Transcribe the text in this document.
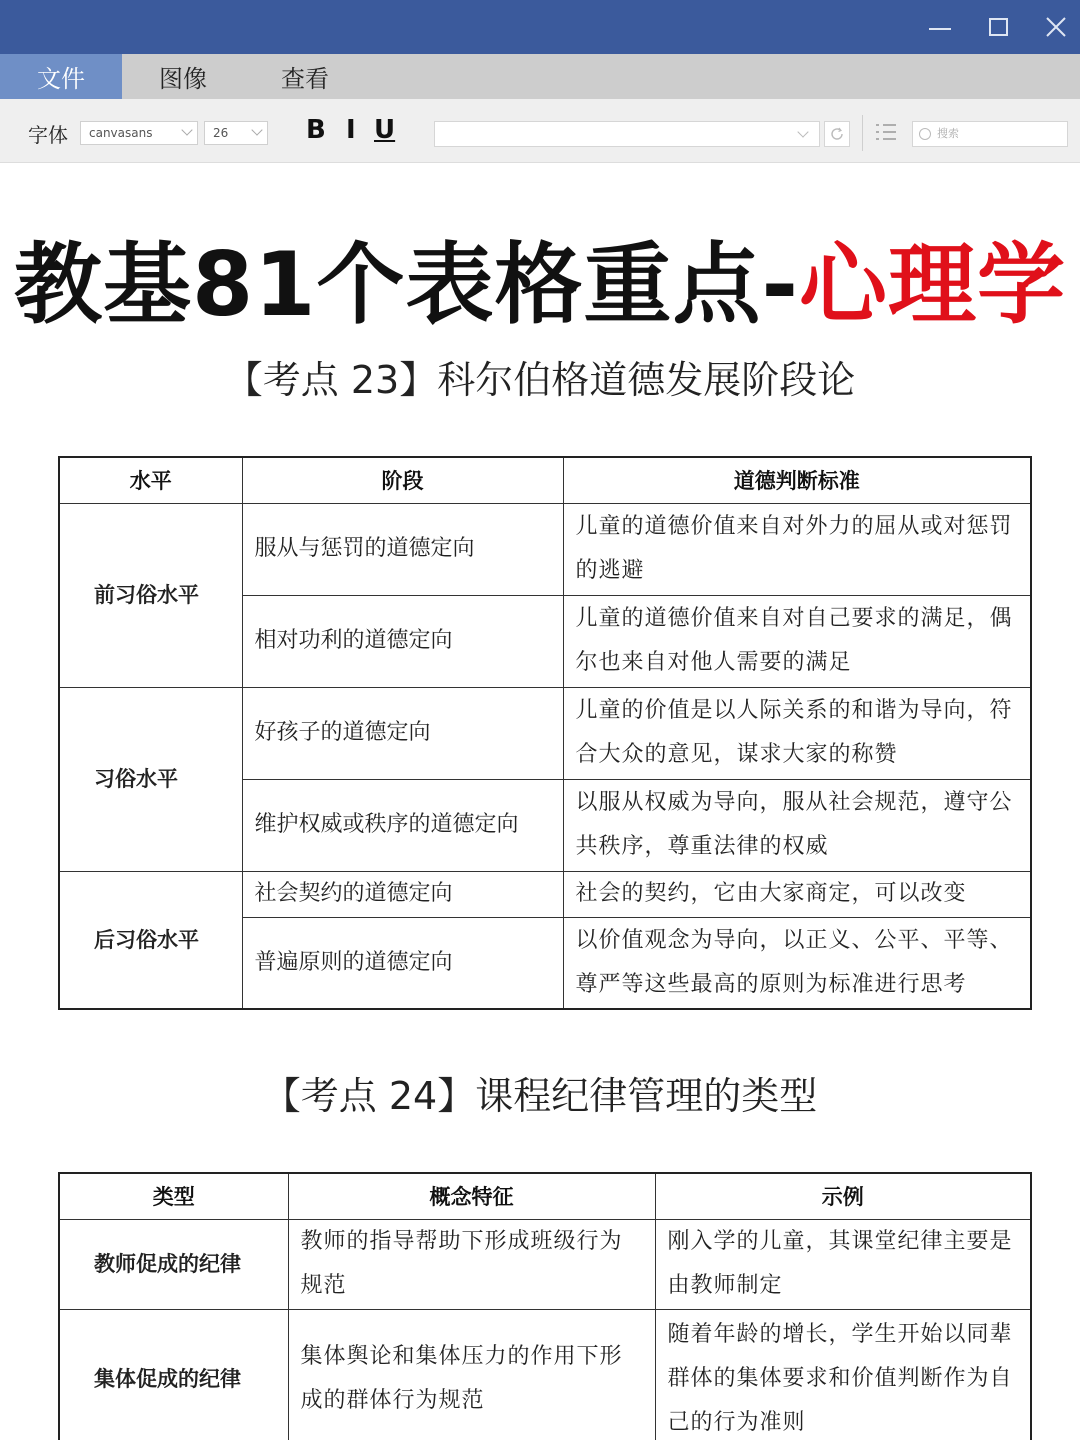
文件	图像	查看
字体	canvasans	26	B I U	搜索
教基81个表格重点-心理学
【考点 23】科尔伯格道德发展阶段论
水平	阶段	道德判断标准
前习俗水平	服从与惩罚的道德定向	儿童的道德价值来自对外力的屈从或对惩罚的逃避
	相对功利的道德定向	儿童的道德价值来自对自己要求的满足，偶尔也来自对他人需要的满足
习俗水平	好孩子的道德定向	儿童的价值是以人际关系的和谐为导向，符合大众的意见，谋求大家的称赞
	维护权威或秩序的道德定向	以服从权威为导向，服从社会规范，遵守公共秩序，尊重法律的权威
后习俗水平	社会契约的道德定向	社会的契约，它由大家商定，可以改变
	普遍原则的道德定向	以价值观念为导向，以正义、公平、平等、尊严等这些最高的原则为标准进行思考
【考点 24】课程纪律管理的类型
类型	概念特征	示例
教师促成的纪律	教师的指导帮助下形成班级行为规范	刚入学的儿童，其课堂纪律主要是由教师制定
集体促成的纪律	集体舆论和集体压力的作用下形成的群体行为规范	随着年龄的增长，学生开始以同辈群体的集体要求和价值判断作为自己的行为准则
